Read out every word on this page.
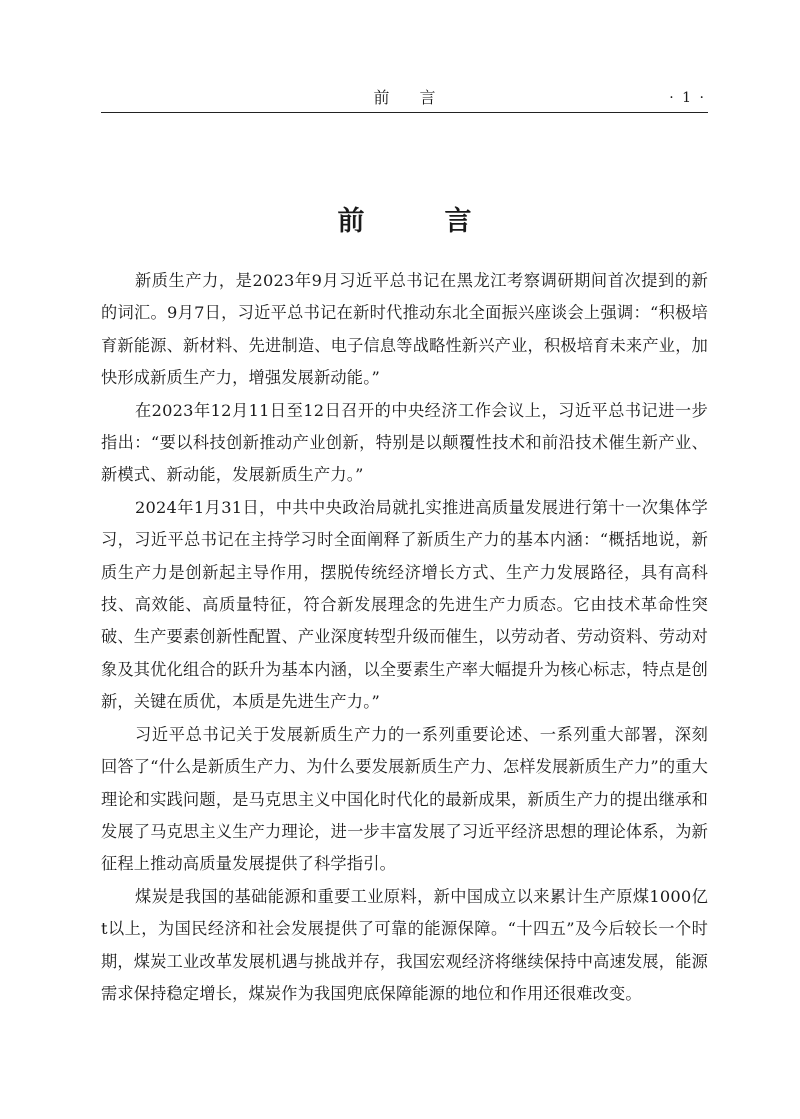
前言	· 1 ·
前言

新质生产力，是2023年9月习近平总书记在黑龙江考察调研期间首次提到的新的词汇。9月7日，习近平总书记在新时代推动东北全面振兴座谈会上强调：“积极培育新能源、新材料、先进制造、电子信息等战略性新兴产业，积极培育未来产业，加快形成新质生产力，增强发展新动能。”

在2023年12月11日至12日召开的中央经济工作会议上，习近平总书记进一步指出：“要以科技创新推动产业创新，特别是以颠覆性技术和前沿技术催生新产业、新模式、新动能，发展新质生产力。”

2024年1月31日，中共中央政治局就扎实推进高质量发展进行第十一次集体学习，习近平总书记在主持学习时全面阐释了新质生产力的基本内涵：“概括地说，新质生产力是创新起主导作用，摆脱传统经济增长方式、生产力发展路径，具有高科技、高效能、高质量特征，符合新发展理念的先进生产力质态。它由技术革命性突破、生产要素创新性配置、产业深度转型升级而催生，以劳动者、劳动资料、劳动对象及其优化组合的跃升为基本内涵，以全要素生产率大幅提升为核心标志，特点是创新，关键在质优，本质是先进生产力。”

习近平总书记关于发展新质生产力的一系列重要论述、一系列重大部署，深刻回答了“什么是新质生产力、为什么要发展新质生产力、怎样发展新质生产力”的重大理论和实践问题，是马克思主义中国化时代化的最新成果，新质生产力的提出继承和发展了马克思主义生产力理论，进一步丰富发展了习近平经济思想的理论体系，为新征程上推动高质量发展提供了科学指引。

煤炭是我国的基础能源和重要工业原料，新中国成立以来累计生产原煤1000亿t以上，为国民经济和社会发展提供了可靠的能源保障。“十四五”及今后较长一个时期，煤炭工业改革发展机遇与挑战并存，我国宏观经济将继续保持中高速发展，能源需求保持稳定增长，煤炭作为我国兜底保障能源的地位和作用还很难改变。
